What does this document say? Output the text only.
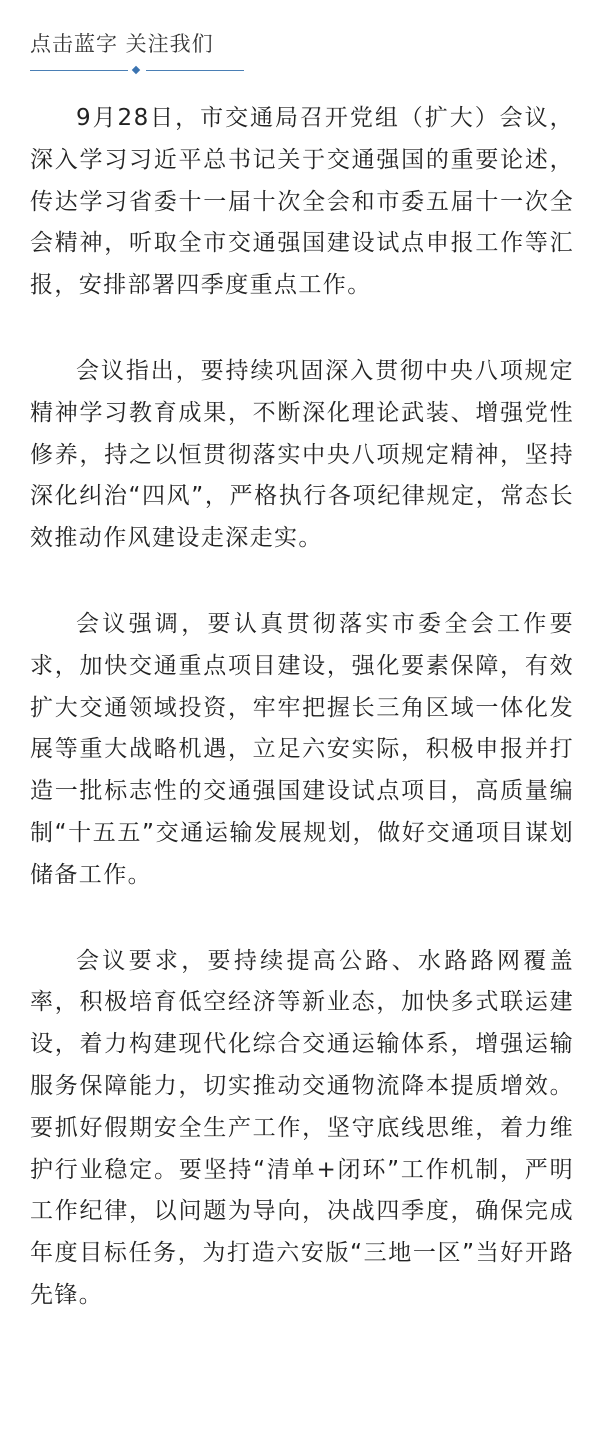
点击蓝字 关注我们

9月28日，市交通局召开党组（扩大）会议，深入学习习近平总书记关于交通强国的重要论述，传达学习省委十一届十次全会和市委五届十一次全会精神，听取全市交通强国建设试点申报工作等汇报，安排部署四季度重点工作。

会议指出，要持续巩固深入贯彻中央八项规定精神学习教育成果，不断深化理论武装、增强党性修养，持之以恒贯彻落实中央八项规定精神，坚持深化纠治“四风”，严格执行各项纪律规定，常态长效推动作风建设走深走实。

会议强调，要认真贯彻落实市委全会工作要求，加快交通重点项目建设，强化要素保障，有效扩大交通领域投资，牢牢把握长三角区域一体化发展等重大战略机遇，立足六安实际，积极申报并打造一批标志性的交通强国建设试点项目，高质量编制“十五五”交通运输发展规划，做好交通项目谋划储备工作。

会议要求，要持续提高公路、水路路网覆盖率，积极培育低空经济等新业态，加快多式联运建设，着力构建现代化综合交通运输体系，增强运输服务保障能力，切实推动交通物流降本提质增效。要抓好假期安全生产工作，坚守底线思维，着力维护行业稳定。要坚持“清单+闭环”工作机制，严明工作纪律，以问题为导向，决战四季度，确保完成年度目标任务，为打造六安版“三地一区”当好开路先锋。
